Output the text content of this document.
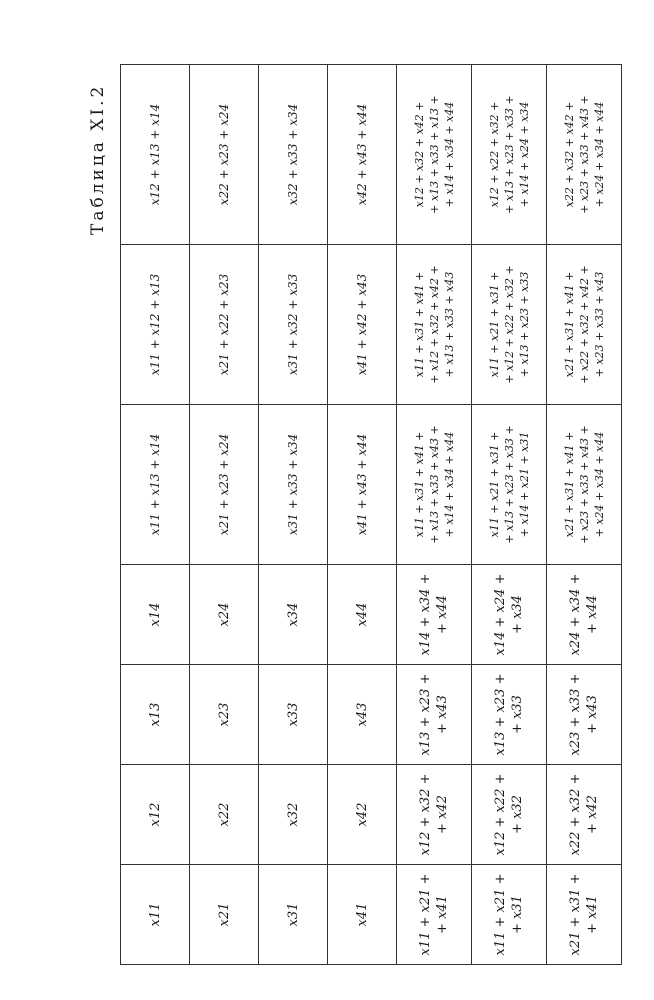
Таблица XI.2
x11	x12	x13	x14	x11 + x13 + x14	x11 + x12 + x13	x12 + x13 + x14

x21	x22	x23	x24	x21 + x23 + x24	x21 + x22 + x23	x22 + x23 + x24

x31	x32	x33	x34	x31 + x33 + x34	x31 + x32 + x33	x32 + x33 + x34

x41	x42	x43	x44	x41 + x43 + x44	x41 + x42 + x43	x42 + x43 + x44

x11 + x21 + + x41	x12 + x32 + + x42	x13 + x23 + + x43	x14 + x34 + + x44	x11 + x31 + x41 + + x13 + x33 + x43 + + x14 + x34 + x44	x11 + x31 + x41 + + x12 + x32 + x42 + + x13 + x33 + x43	x12 + x32 + x42 + + x13 + x33 + x13 + + x14 + x34 + x44

x11 + x21 + + x31	x12 + x22 + + x32	x13 + x23 + + x33	x14 + x24 + + x34	x11 + x21 + x31 + + x13 + x23 + x33 + + x14 + x21 + x31	x11 + x21 + x31 + + x12 + x22 + x32 + + x13 + x23 + x33	x12 + x22 + x32 + + x13 + x23 + x33 + + x14 + x24 + x34

x21 + x31 + + x41	x22 + x32 + + x42	x23 + x33 + + x43	x24 + x34 + + x44	x21 + x31 + x41 + + x23 + x33 + x43 + + x24 + x34 + x44	x21 + x31 + x41 + + x22 + x32 + x42 + + x23 + x33 + x43	x22 + x32 + x42 + + x23 + x33 + x43 + + x24 + x34 + x44
